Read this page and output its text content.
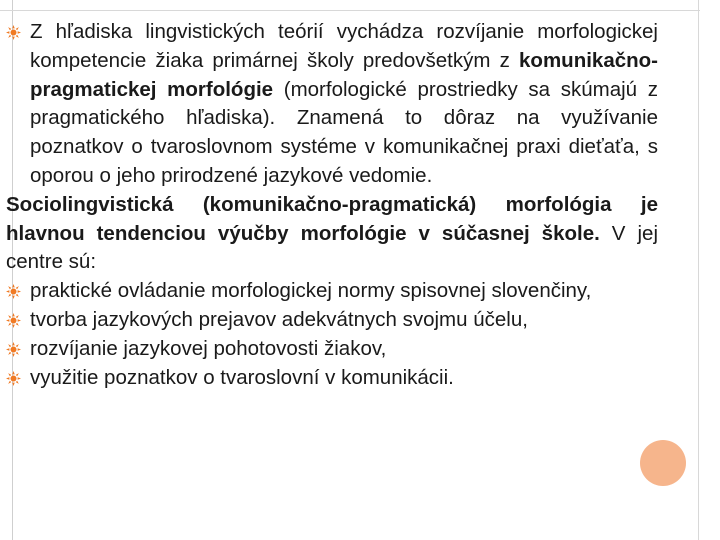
Z hľadiska lingvistických teórií vychádza rozvíjanie morfologickej kompetencie žiaka primárnej školy predovšetkým z komunikačno-pragmatickej morfológie (morfologické prostriedky sa skúmajú z pragmatického hľadiska). Znamená to dôraz na využívanie poznatkov o tvaroslovnom systéme v komunikačnej praxi dieťaťa, s oporou o jeho prirodzené jazykové vedomie.
Sociolingvistická (komunikačno-pragmatická) morfológia je hlavnou tendenciou výučby morfológie v súčasnej škole. V jej centre sú:
praktické ovládanie morfologickej normy spisovnej slovenčiny,
tvorba jazykových prejavov adekvátnych svojmu účelu,
rozvíjanie jazykovej pohotovosti žiakov,
využitie poznatkov o tvaroslovní v komunikácii.
